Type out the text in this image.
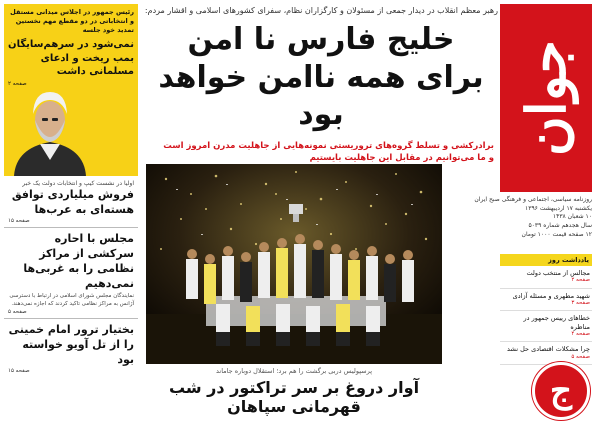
جوان
روزنامه سیاسی، اجتماعی و فرهنگی صبح ایران
یکشنبه ۱۷ اردیبهشت ۱۳۹۶
۱۰ شعبان ۱۴۳۸
سال هجدهم شماره ۵۰۳۹
۱۲ صفحه قیمت ۱۰۰۰ تومان
یادداشت روز
مجالس از منتخب دولت
صفحه ۲
شهید مطهری و مسئله آزادی
صفحه ۳
خطاهای رییس جمهور در مناظره
صفحه ۴
چرا مشکلات اقتصادی حل نشد
صفحه ۵
ج
رهبر معظم انقلاب در دیدار جمعی از مسئولان و کارگزاران نظام، سفرای کشورهای اسلامی و اقشار مردم:
خلیج فارس نا امن
برای همه ناامن خواهد بود
برادرکشی و تسلط گروه‌های تروریستی نمونه‌هایی از جاهلیت مدرن امروز است
و ما می‌توانیم در مقابل این جاهلیت بایستیم
پرسپولیس دربی برگشت را هم برد؛ استقلال دوباره جاماند
آوار دروغ بر سر تراکتور در شب قهرمانی سپاهان
رئیس جمهور در اجلاس میدانی مستقل و انتخاباتی در دو مقطع مهم نخستین تمدید خود جلسه
نمی‌شود در سرهم‌سایگان بمب ریخت و ادعای مسلمانی داشت
صفحه ۲
اولیا در نشست کیپ و انتخابات دولت یک خبر
فروش میلیاردی توافق هسته‌ای به عرب‌ها
صفحه ۱۵
مجلس با احاره سرکشی از مراکز نظامی را به غربی‌ها نمی‌دهیم
نمایندگان مجلس شورای اسلامی در ارتباط با دسترسی آژانس به مراکز نظامی تاکید کردند که اجازه نمی‌دهند.
صفحه ۵
بختیار ترور امام خمینی را از تل آویو خواسته بود
صفحه ۱۵
